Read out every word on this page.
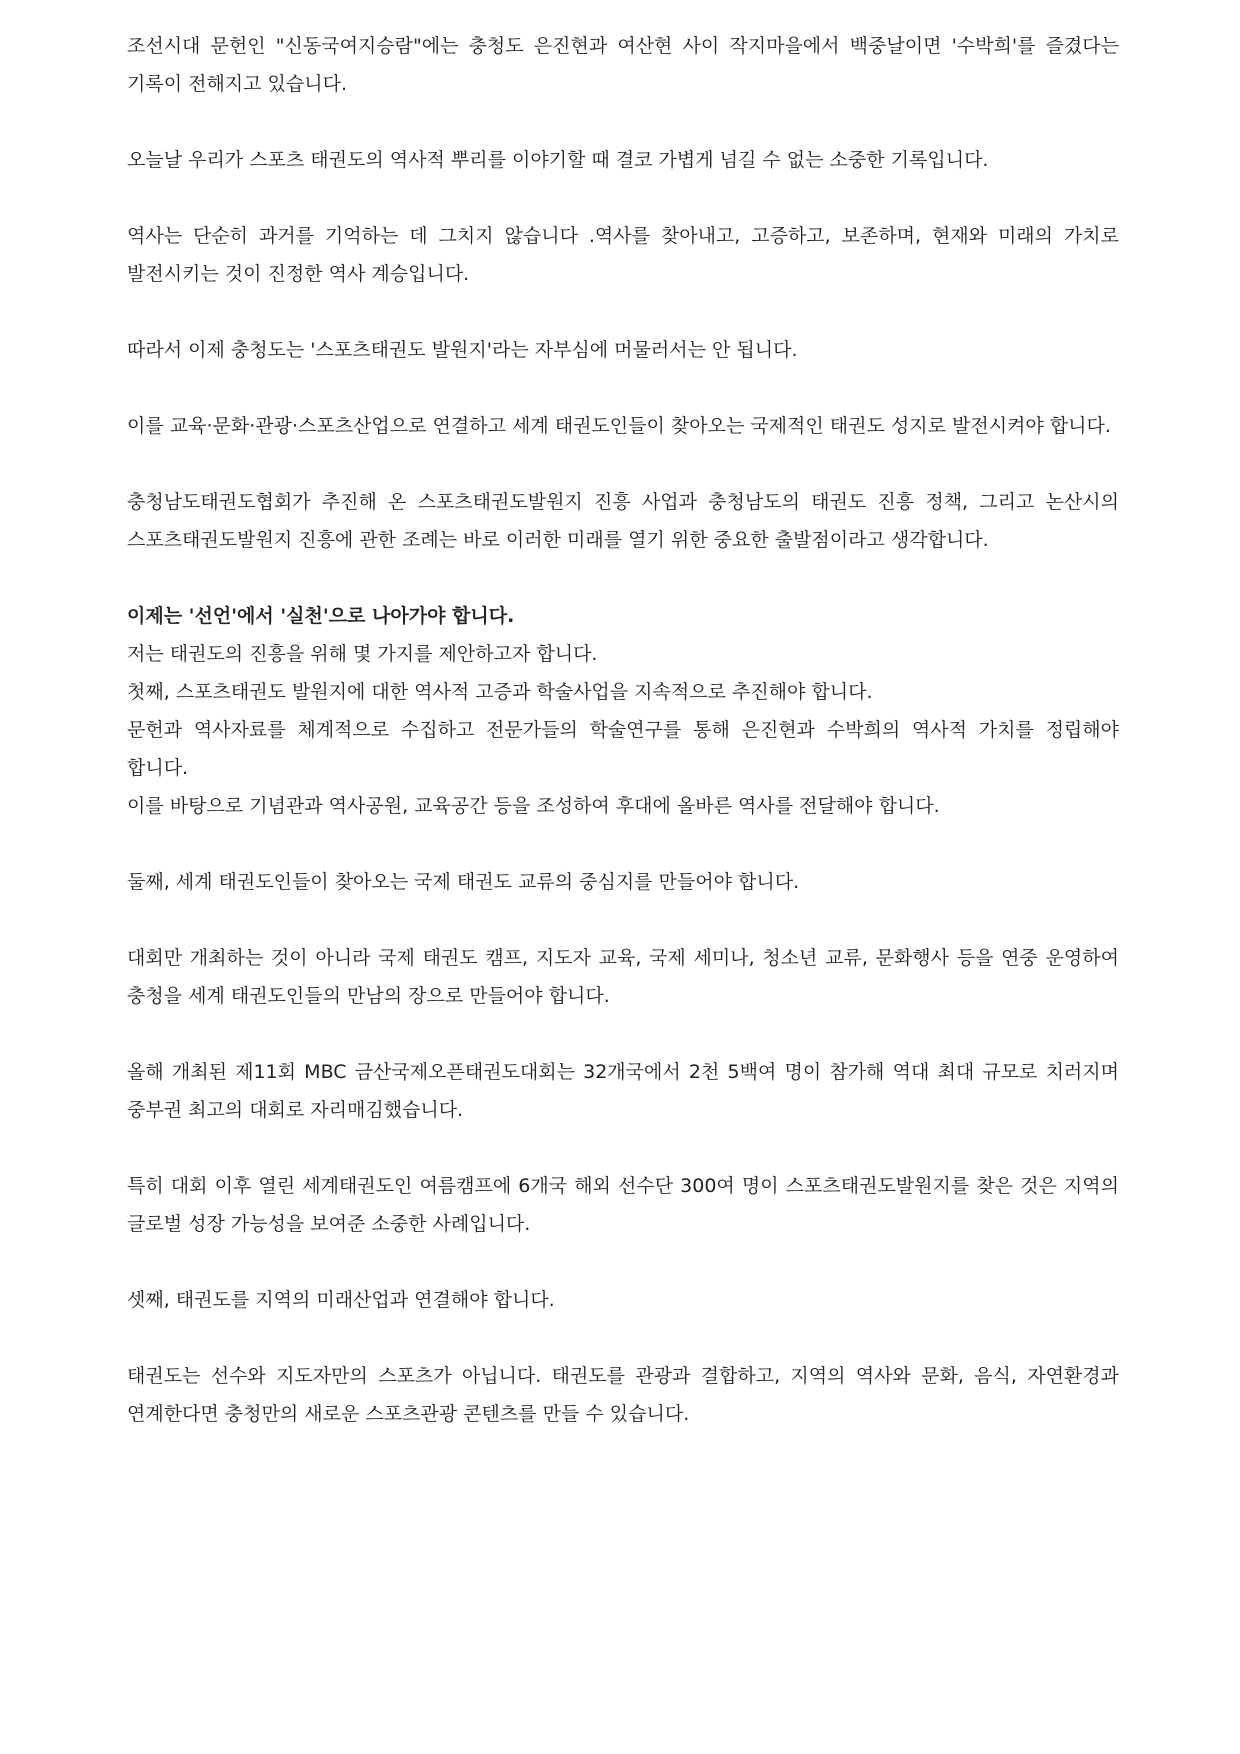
조선시대 문헌인 "신동국여지승람"에는 충청도 은진현과 여산현 사이 작지마을에서 백중날이면 '수박희'를 즐겼다는 기록이 전해지고 있습니다.

오늘날 우리가 스포츠 태권도의 역사적 뿌리를 이야기할 때 결코 가볍게 넘길 수 없는 소중한 기록입니다.

역사는 단순히 과거를 기억하는 데 그치지 않습니다 .역사를 찾아내고, 고증하고, 보존하며, 현재와 미래의 가치로 발전시키는 것이 진정한 역사 계승입니다.

따라서 이제 충청도는 '스포츠태권도 발원지'라는 자부심에 머물러서는 안 됩니다.

이를 교육·문화·관광·스포츠산업으로 연결하고 세계 태권도인들이 찾아오는 국제적인 태권도 성지로 발전시켜야 합니다.

충청남도태권도협회가 추진해 온 스포츠태권도발원지 진흥 사업과 충청남도의 태권도 진흥 정책, 그리고 논산시의 스포츠태권도발원지 진흥에 관한 조례는 바로 이러한 미래를 열기 위한 중요한 출발점이라고 생각합니다.

이제는 '선언'에서 '실천'으로 나아가야 합니다.

저는 태권도의 진흥을 위해 몇 가지를 제안하고자 합니다.

첫째, 스포츠태권도 발원지에 대한 역사적 고증과 학술사업을 지속적으로 추진해야 합니다.

문헌과 역사자료를 체계적으로 수집하고 전문가들의 학술연구를 통해 은진현과 수박희의 역사적 가치를 정립해야 합니다.

이를 바탕으로 기념관과 역사공원, 교육공간 등을 조성하여 후대에 올바른 역사를 전달해야 합니다.

둘째, 세계 태권도인들이 찾아오는 국제 태권도 교류의 중심지를 만들어야 합니다.

대회만 개최하는 것이 아니라 국제 태권도 캠프, 지도자 교육, 국제 세미나, 청소년 교류, 문화행사 등을 연중 운영하여 충청을 세계 태권도인들의 만남의 장으로 만들어야 합니다.

올해 개최된 제11회 MBC 금산국제오픈태권도대회는 32개국에서 2천 5백여 명이 참가해 역대 최대 규모로 치러지며 중부권 최고의 대회로 자리매김했습니다.

특히 대회 이후 열린 세계태권도인 여름캠프에 6개국 해외 선수단 300여 명이 스포츠태권도발원지를 찾은 것은 지역의 글로벌 성장 가능성을 보여준 소중한 사례입니다.

셋째, 태권도를 지역의 미래산업과 연결해야 합니다.

태권도는 선수와 지도자만의 스포츠가 아닙니다. 태권도를 관광과 결합하고, 지역의 역사와 문화, 음식, 자연환경과 연계한다면 충청만의 새로운 스포츠관광 콘텐츠를 만들 수 있습니다.
